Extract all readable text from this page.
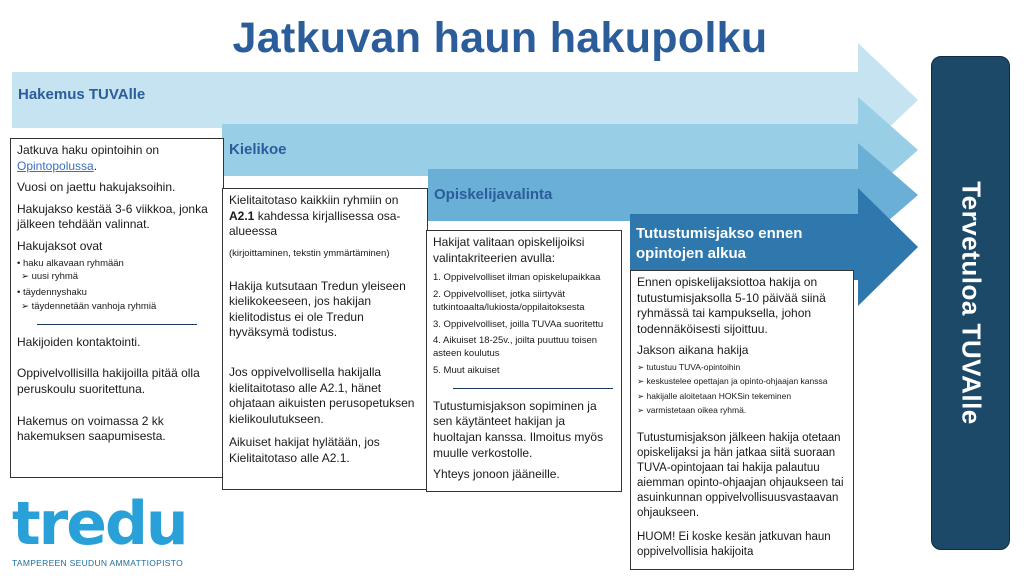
Jatkuvan haun hakupolku
Hakemus TUVAlle
Kielikoe
Opiskelijavalinta
Tutustumisjakso ennen opintojen alkua

Jatkuva haku opintoihin on
Opintopolussa.

Vuosi on jaettu hakujaksoihin.

Hakujakso kestää 3-6 viikkoa, jonka jälkeen tehdään valinnat.

Hakujaksot ovat

• haku alkavaan ryhmään
➢ uusi ryhmä
• täydennyshaku
➢ täydennetään vanhoja ryhmiä

Hakijoiden kontaktointi.

Oppivelvollisilla hakijoilla pitää olla peruskoulu suoritettuna.

Hakemus on voimassa 2 kk hakemuksen saapumisesta.

Kielitaitotaso kaikkiin ryhmiin on
A2.1 kahdessa kirjallisessa osa-alueessa

(kirjoittaminen, tekstin ymmärtäminen)

Hakija kutsutaan Tredun yleiseen kielikokeeseen, jos hakijan kielitodistus ei ole Tredun hyväksymä todistus.

Jos oppivelvollisella hakijalla kielitaitotaso alle A2.1, hänet ohjataan aikuisten perusopetuksen kielikoulutukseen.

Aikuiset hakijat hylätään, jos Kielitaitotaso alle A2.1.

Hakijat valitaan opiskelijoiksi valintakriteerien avulla:

1. Oppivelvolliset ilman opiskelupaikkaa
2. Oppivelvolliset, jotka siirtyvät tutkintoaalta/lukiosta/oppilaitoksesta
3. Oppivelvolliset, joilla TUVAa suoritettu
4. Aikuiset 18-25v., joilta puuttuu toisen asteen koulutus
5. Muut aikuiset

Tutustumisjakson sopiminen ja sen käytänteet hakijan ja huoltajan kanssa. Ilmoitus myös muulle verkostolle.

Yhteys jonoon jääneille.

Ennen opiskelijaksiottoa hakija on tutustumisjaksolla 5-10 päivää siinä ryhmässä tai kampuksella, johon todennäköisesti sijoittuu.

Jakson aikana hakija

➢ tutustuu TUVA-opintoihin
➢ keskustelee opettajan ja opinto-ohjaajan kanssa
➢ hakijalle aloitetaan HOKSin tekeminen
➢ varmistetaan oikea ryhmä.

Tutustumisjakson jälkeen hakija otetaan opiskelijaksi ja hän jatkaa siitä suoraan TUVA-opintojaan tai hakija palautuu aiemman opinto-ohjaajan ohjaukseen tai asuinkunnan oppivelvollisuusvastaavan ohjaukseen.

HUOM! Ei koske kesän jatkuvan haun oppivelvollisia hakijoita

Tervetuloa TUVAlle
tredu
TAMPEREEN SEUDUN AMMATTIOPISTO
